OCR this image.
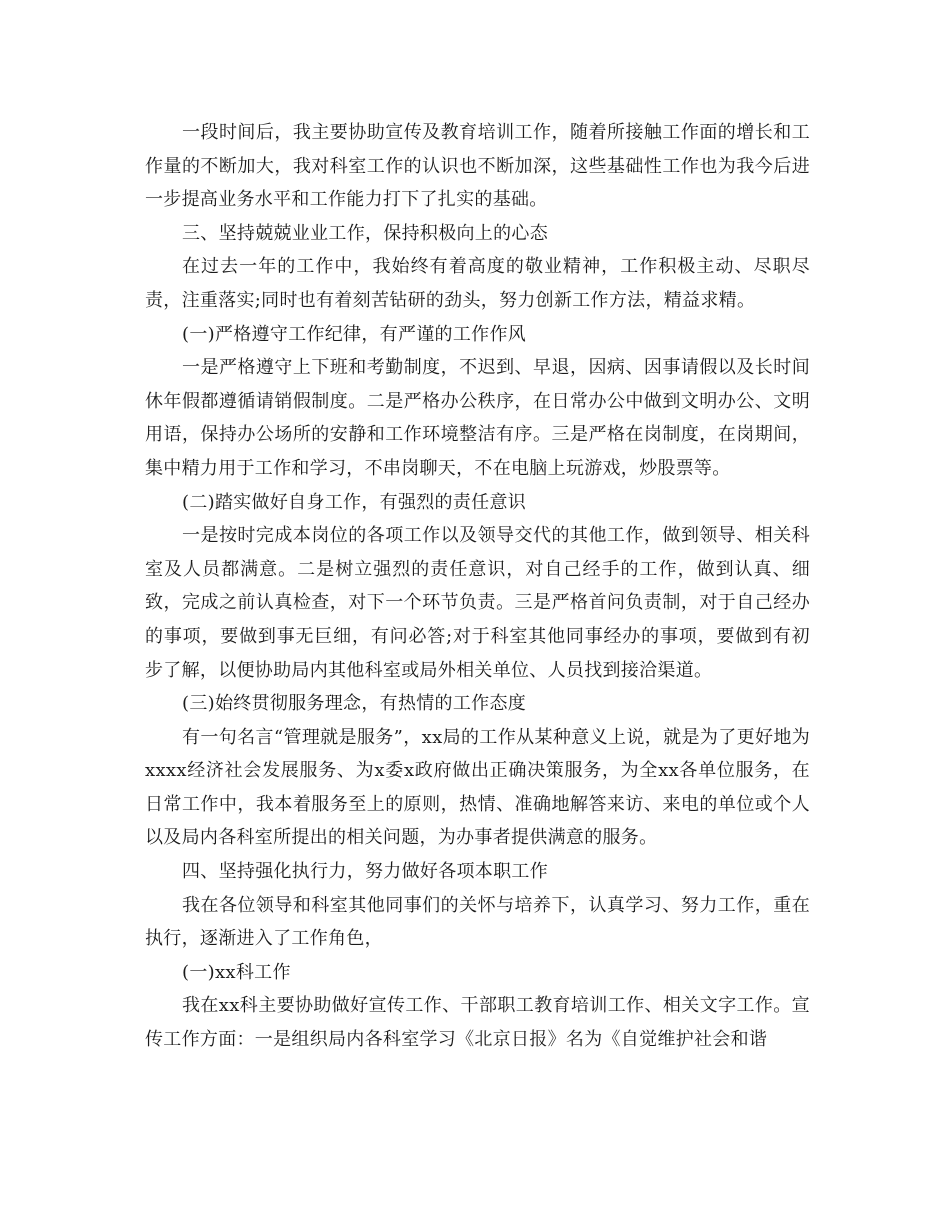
一段时间后，我主要协助宣传及教育培训工作，随着所接触工作面的增长和工作量的不断加大，我对科室工作的认识也不断加深，这些基础性工作也为我今后进一步提高业务水平和工作能力打下了扎实的基础。

三、坚持兢兢业业工作，保持积极向上的心态

在过去一年的工作中，我始终有着高度的敬业精神，工作积极主动、尽职尽责，注重落实;同时也有着刻苦钻研的劲头，努力创新工作方法，精益求精。

(一)严格遵守工作纪律，有严谨的工作作风

一是严格遵守上下班和考勤制度，不迟到、早退，因病、因事请假以及长时间休年假都遵循请销假制度。二是严格办公秩序，在日常办公中做到文明办公、文明用语，保持办公场所的安静和工作环境整洁有序。三是严格在岗制度，在岗期间，集中精力用于工作和学习，不串岗聊天，不在电脑上玩游戏，炒股票等。

(二)踏实做好自身工作，有强烈的责任意识

一是按时完成本岗位的各项工作以及领导交代的其他工作，做到领导、相关科室及人员都满意。二是树立强烈的责任意识，对自己经手的工作，做到认真、细致，完成之前认真检查，对下一个环节负责。三是严格首问负责制，对于自己经办的事项，要做到事无巨细，有问必答;对于科室其他同事经办的事项，要做到有初步了解，以便协助局内其他科室或局外相关单位、人员找到接洽渠道。

(三)始终贯彻服务理念，有热情的工作态度

有一句名言“管理就是服务”，xx局的工作从某种意义上说，就是为了更好地为xxxx经济社会发展服务、为x委x政府做出正确决策服务，为全xx各单位服务，在日常工作中，我本着服务至上的原则，热情、准确地解答来访、来电的单位或个人以及局内各科室所提出的相关问题，为办事者提供满意的服务。

四、坚持强化执行力，努力做好各项本职工作

我在各位领导和科室其他同事们的关怀与培养下，认真学习、努力工作，重在执行，逐渐进入了工作角色，

(一)xx科工作

我在xx科主要协助做好宣传工作、干部职工教育培训工作、相关文字工作。宣传工作方面：一是组织局内各科室学习《北京日报》名为《自觉维护社会和谐
